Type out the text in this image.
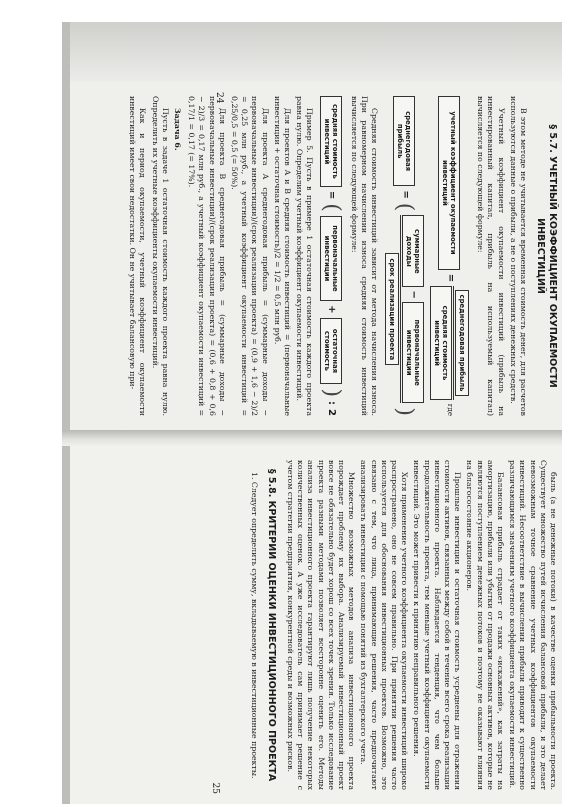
§ 5.7. УЧЕТНЫЙ КОЭФФИЦИЕНТ ОКУПАЕМОСТИ ИНВЕСТИЦИЙ

В этом методе не учитывается временная стоимость денег, для расчетов используются данные о прибыли, а не о поступлениях денежных средств.

Учетный коэффициент окупаемости инвестиций (прибыль на инвестированный капитал, прибыль на используемый капитал) вычисляется по следующей формуле:

учетный коэффициент окупаемости инвестиций
=
среднегодовая прибыль
средняя стоимость инвестиций
где
среднегодовая прибыль
=
(
суммарные доходы
−
первоначальные инвестиции
срок реализации проекта
)

Средняя стоимость инвестиций зависит от метода начисления износа. При равномерном начислении износа средняя стоимость инвестиций вычисляется по следующей формуле:

средняя стоимость инвестиций
=
(
первоначальные инвестиции
+
остаточная стоимость
)
:
2

Пример 5. Пусть в примере 1 остаточная стоимость каждого проекта равна нулю. Определим учетный коэффициент окупаемости инвестиций.

Для проектов А и В средняя стоимость инвестиций = (первоначальные инвестиции + остаточная стоимость)/2 = 1/2 = 0,5 млн руб.

Для проекта А среднегодовая прибыль = (суммарные доходы − первоначальные инвестиции)/(срок реализации проекта) = (0,9 + 1,6 − 2)/2 = 0,25 млн руб., а учетный коэффициент окупаемости инвестиций = 0,25/0,5 = 0,5 (= 50%).

Для проекта В среднегодовая прибыль = (суммарные доходы − первоначальные инвестиции)/(срок реализации проекта) = (0,6 + 0,8 + 0,6 − 2)/3 = 0,17 млн руб., а учетный коэффициент окупаемости инвестиций = 0,17/1 = 0,17 (= 17%).

Задача 6.

Пусть в задаче 1 остаточная стоимость каждого проекта равна нулю. Определить их учетные коэффициенты окупаемости инвестиций.

Как и период окупаемости, учетный коэффициент окупаемости инвестиций имеет свои недостатки. Он не учитывает балансовую при-	24

быль (а не денежные потоки) в качестве оценки прибыльности проекта. Существует множество путей исчисления балансовой прибыли, и это делает невозможным точное сравнение учетных коэффициентов окупаемости инвестиций. Несоответствие в вычислении прибыли приводит к существенно различающимся значениям учетного коэффициента окупаемости инвестиций.

Балансовая прибыль страдает от таких «искажений», как затраты на амортизацию, прибыли или убытки от продажи основных активов, которые не являются поступлением денежных потоков и поэтому не оказывают влияния на благосостояние акционеров.

Прошлые инвестиции и остаточная стоимость усреднены для отражения стоимости активов, связанных между собой в течение всего срока реализации инвестиционного проекта. Наблюдается тенденция, что чем больше продолжительность проекта, тем меньше учетный коэффициент окупаемости инвестиций. Это может привести к принятию неправильного решения.

Хотя применение учетного коэффициента окупаемости инвестиций широко распространено, оно не совсем правильно. При принятии решения часто используется для обоснования инвестиционных проектов. Возможно, это связано с тем, что лица, принимающие решения, часто предпочитают анализировать инвестиции с помощью понятий из бухгалтерского учета.

Множество возможных методов анализа инвестиционного проекта порождает проблему их выбора. Анализируемый инвестиционный проект вовсе не обязательно будет хорош со всех точек зрения. Только исследование проекта разными методами позволяет всесторонне оценить его. Методы анализа инвестиционного проекта гарантируют лишь получение некоторых количественных оценок. А уже исследователь сам принимает решение с учетом стратегии предприятия, конкурентной среды и возможных рисков.

§ 5.8. КРИТЕРИИ ОЦЕНКИ ИНВЕСТИЦИОННОГО ПРОЕКТА

1. Следует определить сумму, вкладываемую в инвестиционные проекты.

25
